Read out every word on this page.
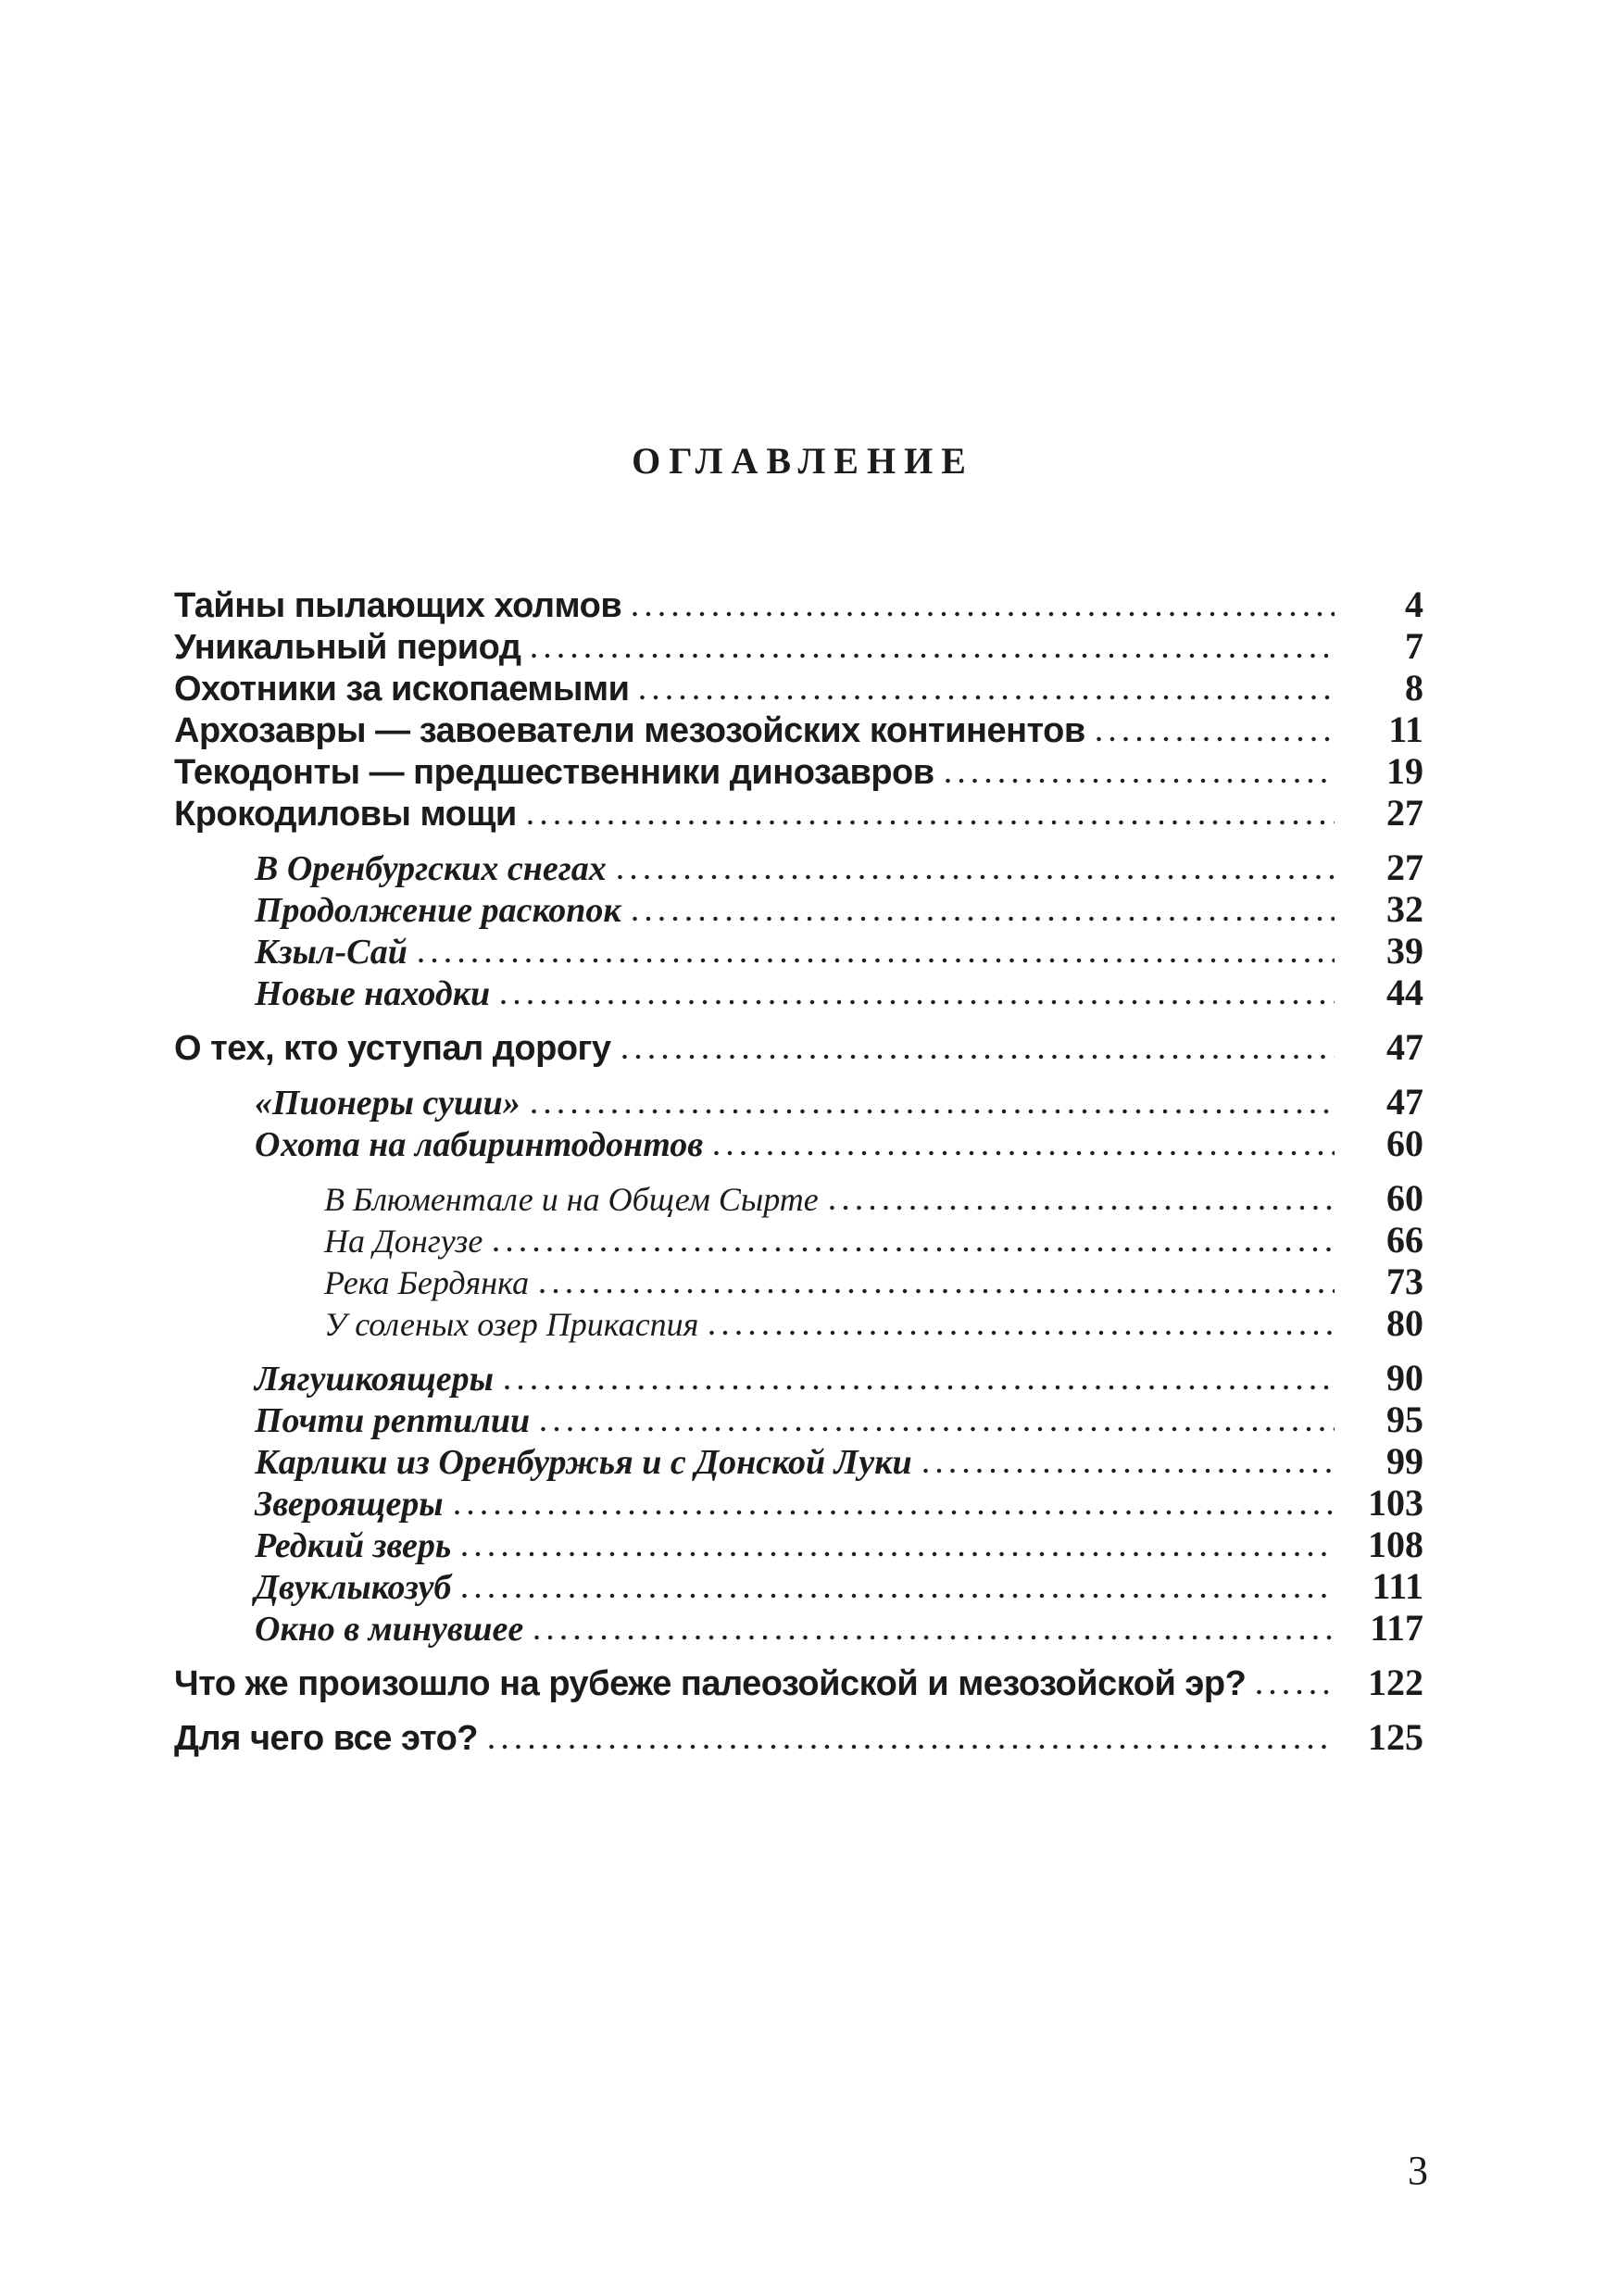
ОГЛАВЛЕНИЕ
Тайны пылающих холмов	4
Уникальный период	7
Охотники за ископаемыми	8
Архозавры — завоеватели мезозойских континентов	11
Текодонты — предшественники динозавров	19
Крокодиловы мощи	27
В Оренбургских снегах	27
Продолжение раскопок	32
Кзыл-Сай	39
Новые находки	44
О тех, кто уступал дорогу	47
«Пионеры суши»	47
Охота на лабиринтодонтов	60
В Блюментале и на Общем Сырте	60
На Донгузе	66
Река Бердянка	73
У соленых озер Прикаспия	80
Лягушкоящеры	90
Почти рептилии	95
Карлики из Оренбуржья и с Донской Луки	99
Звероящеры	103
Редкий зверь	108
Двуклыкозуб	111
Окно в минувшее	117
Что же произошло на рубеже палеозойской и мезозойской эр?	122
Для чего все это?	125
3
